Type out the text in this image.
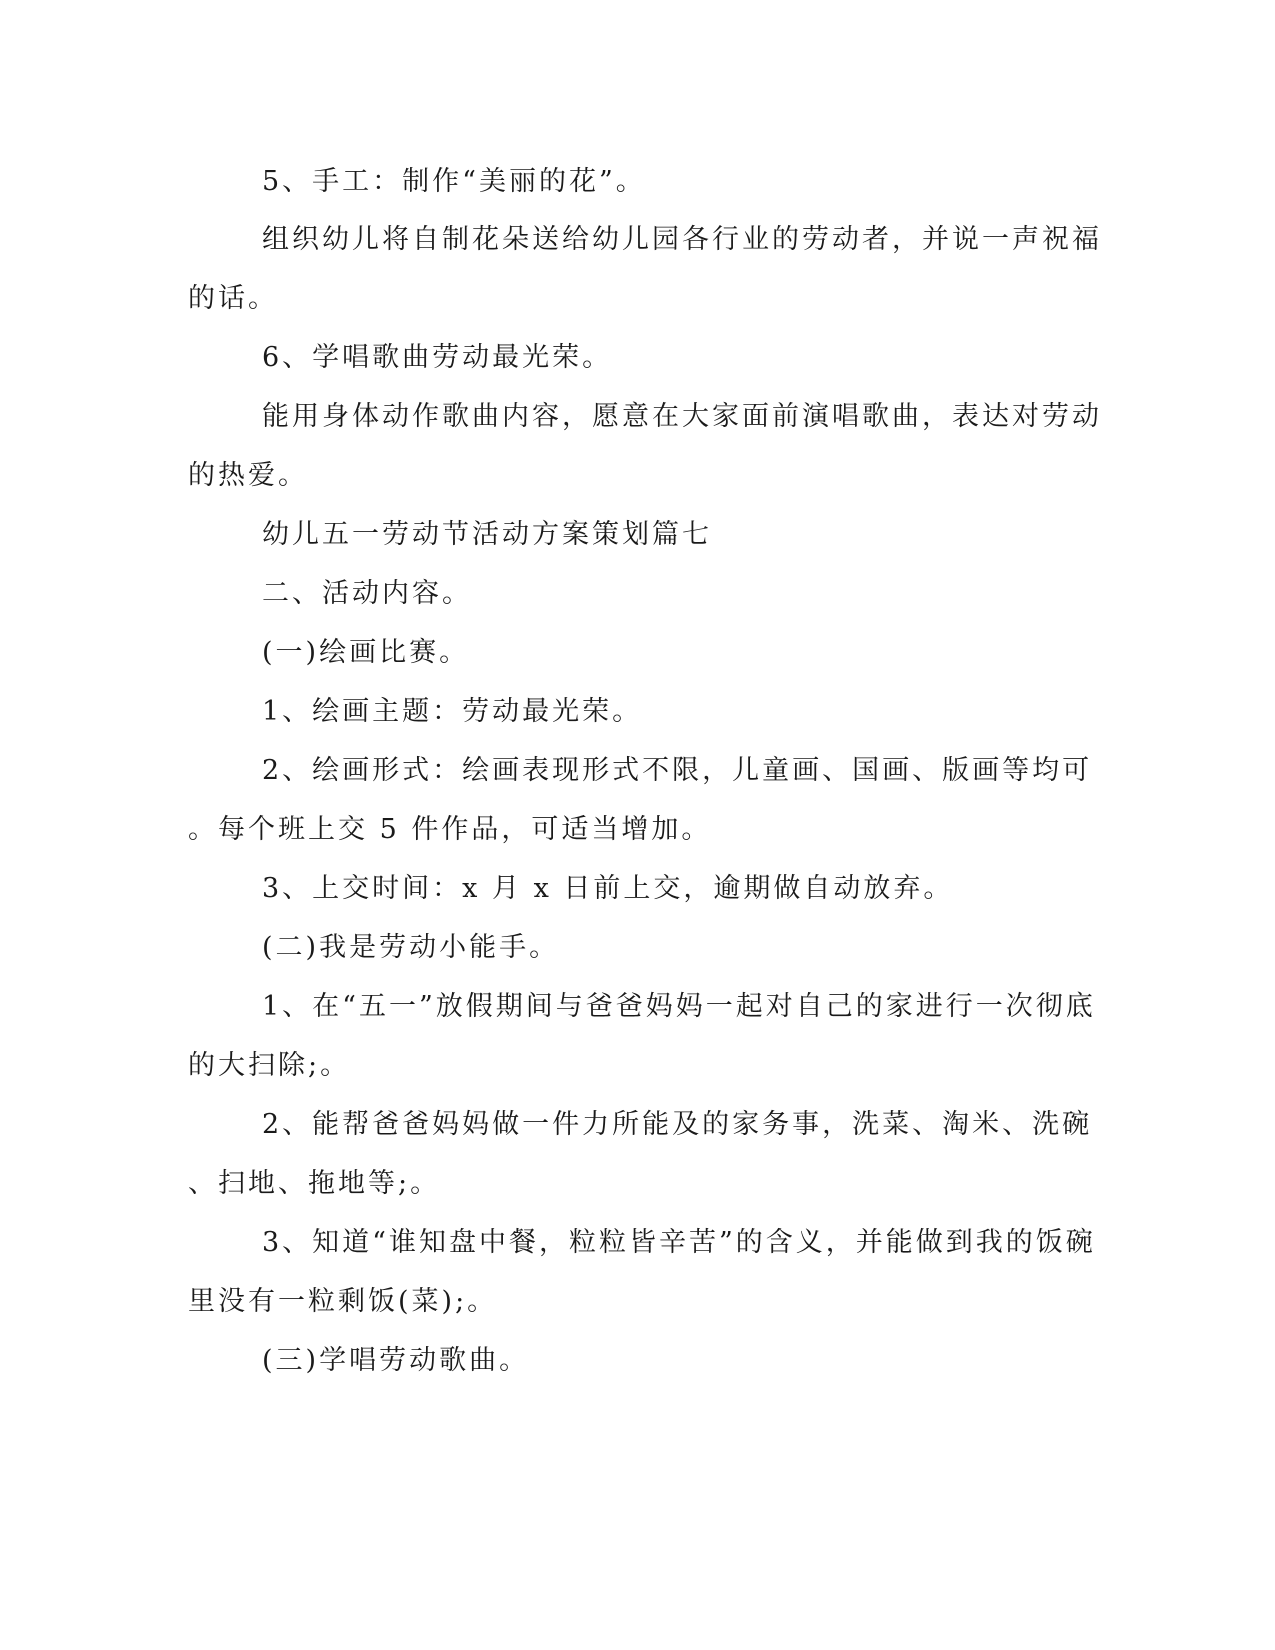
5、手工：制作“美丽的花”。
组织幼儿将自制花朵送给幼儿园各行业的劳动者，并说一声祝福
的话。
6、学唱歌曲劳动最光荣。
能用身体动作歌曲内容，愿意在大家面前演唱歌曲，表达对劳动
的热爱。
幼儿五一劳动节活动方案策划篇七
二、活动内容。
(一)绘画比赛。
1、绘画主题：劳动最光荣。
2、绘画形式：绘画表现形式不限，儿童画、国画、版画等均可
。每个班上交 5 件作品，可适当增加。
3、上交时间：x 月 x 日前上交，逾期做自动放弃。
(二)我是劳动小能手。
1、在“五一”放假期间与爸爸妈妈一起对自己的家进行一次彻底
的大扫除;。
2、能帮爸爸妈妈做一件力所能及的家务事，洗菜、淘米、洗碗
、扫地、拖地等;。
3、知道“谁知盘中餐，粒粒皆辛苦”的含义，并能做到我的饭碗
里没有一粒剩饭(菜);。
(三)学唱劳动歌曲。
